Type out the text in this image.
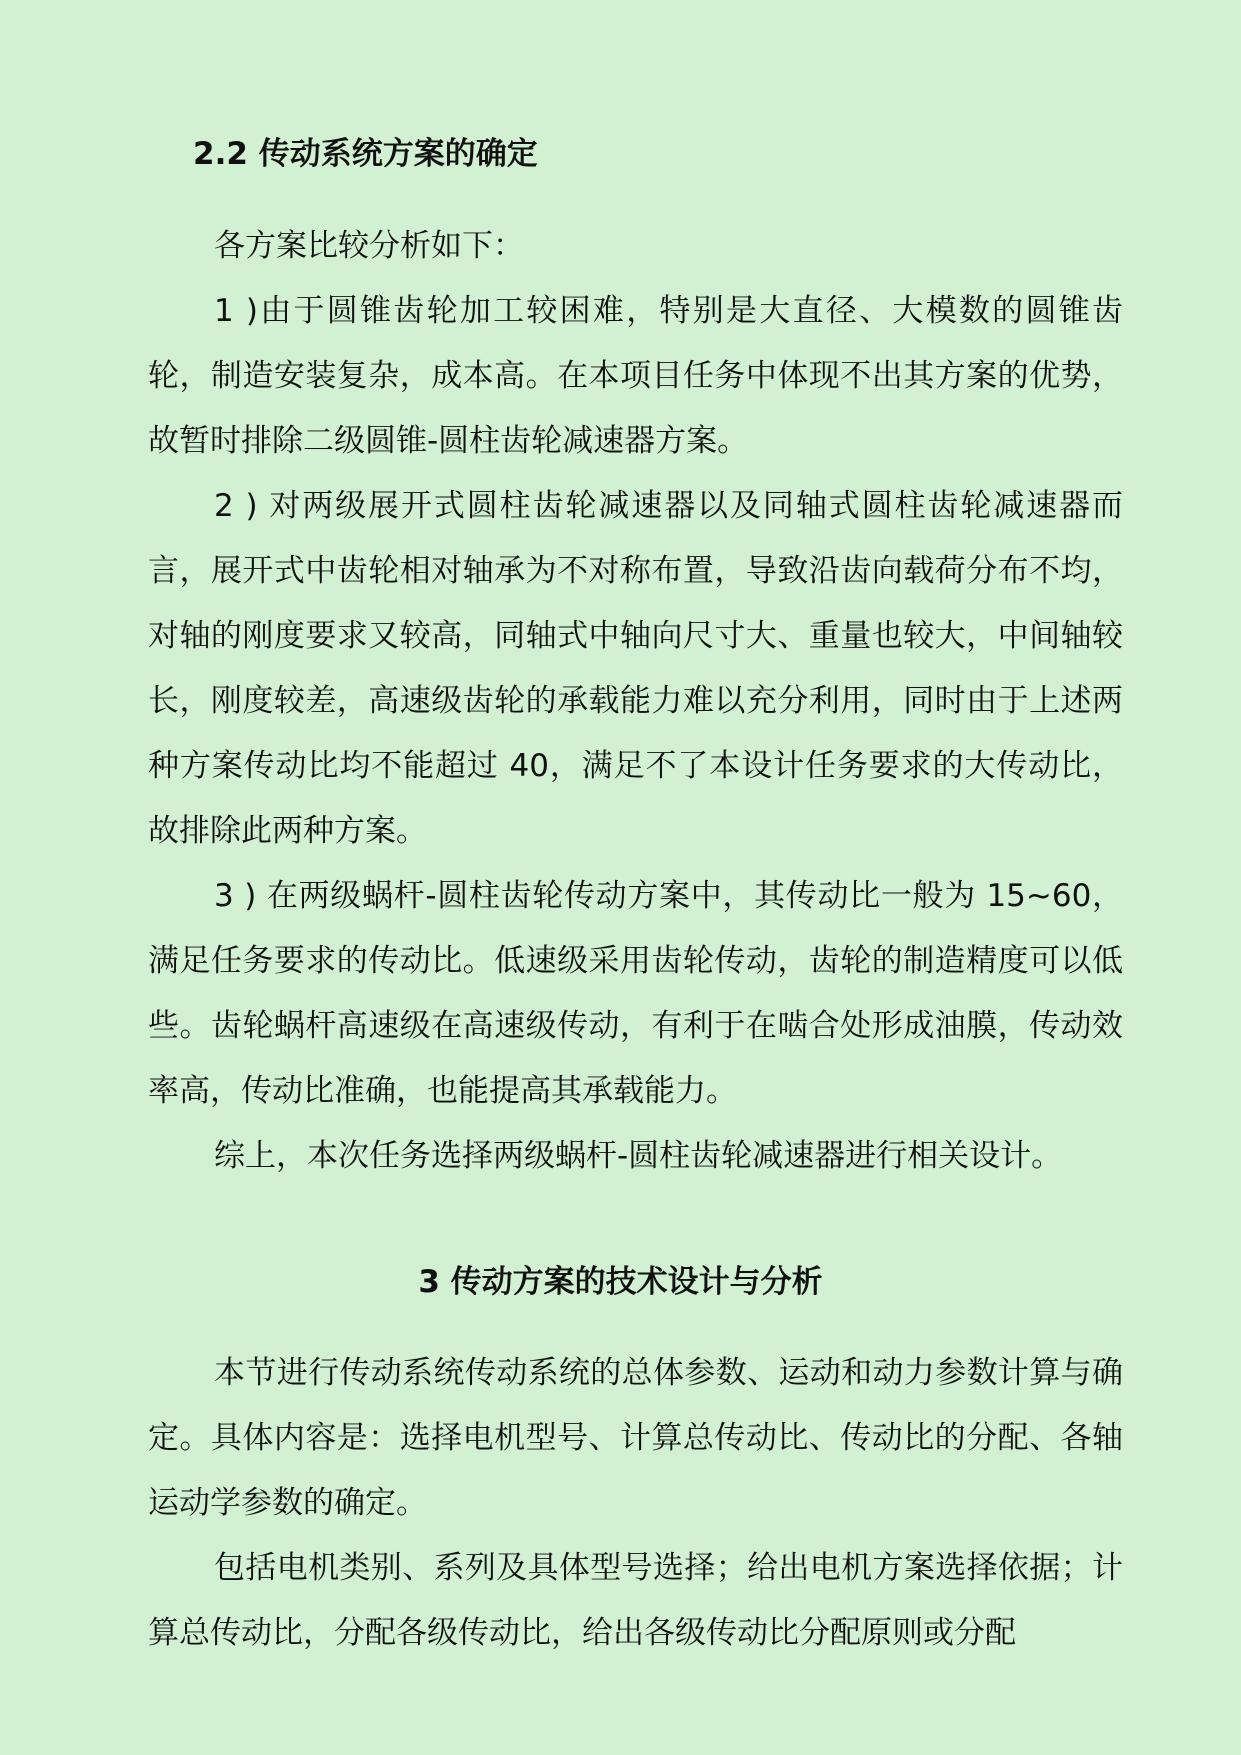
2.2 传动系统方案的确定

各方案比较分析如下：

1 )由于圆锥齿轮加工较困难，特别是大直径、大模数的圆锥齿轮，制造安装复杂，成本高。在本项目任务中体现不出其方案的优势，故暂时排除二级圆锥-圆柱齿轮减速器方案。

2 ) 对两级展开式圆柱齿轮减速器以及同轴式圆柱齿轮减速器而言，展开式中齿轮相对轴承为不对称布置，导致沿齿向载荷分布不均，对轴的刚度要求又较高，同轴式中轴向尺寸大、重量也较大，中间轴较长，刚度较差，高速级齿轮的承载能力难以充分利用，同时由于上述两种方案传动比均不能超过 40，满足不了本设计任务要求的大传动比，故排除此两种方案。

3 ) 在两级蜗杆-圆柱齿轮传动方案中，其传动比一般为 15~60，满足任务要求的传动比。低速级采用齿轮传动，齿轮的制造精度可以低些。齿轮蜗杆高速级在高速级传动，有利于在啮合处形成油膜，传动效率高，传动比准确，也能提高其承载能力。

综上，本次任务选择两级蜗杆-圆柱齿轮减速器进行相关设计。

3 传动方案的技术设计与分析

本节进行传动系统传动系统的总体参数、运动和动力参数计算与确定。具体内容是：选择电机型号、计算总传动比、传动比的分配、各轴运动学参数的确定。

包括电机类别、系列及具体型号选择；给出电机方案选择依据；计算总传动比，分配各级传动比，给出各级传动比分配原则或分配
